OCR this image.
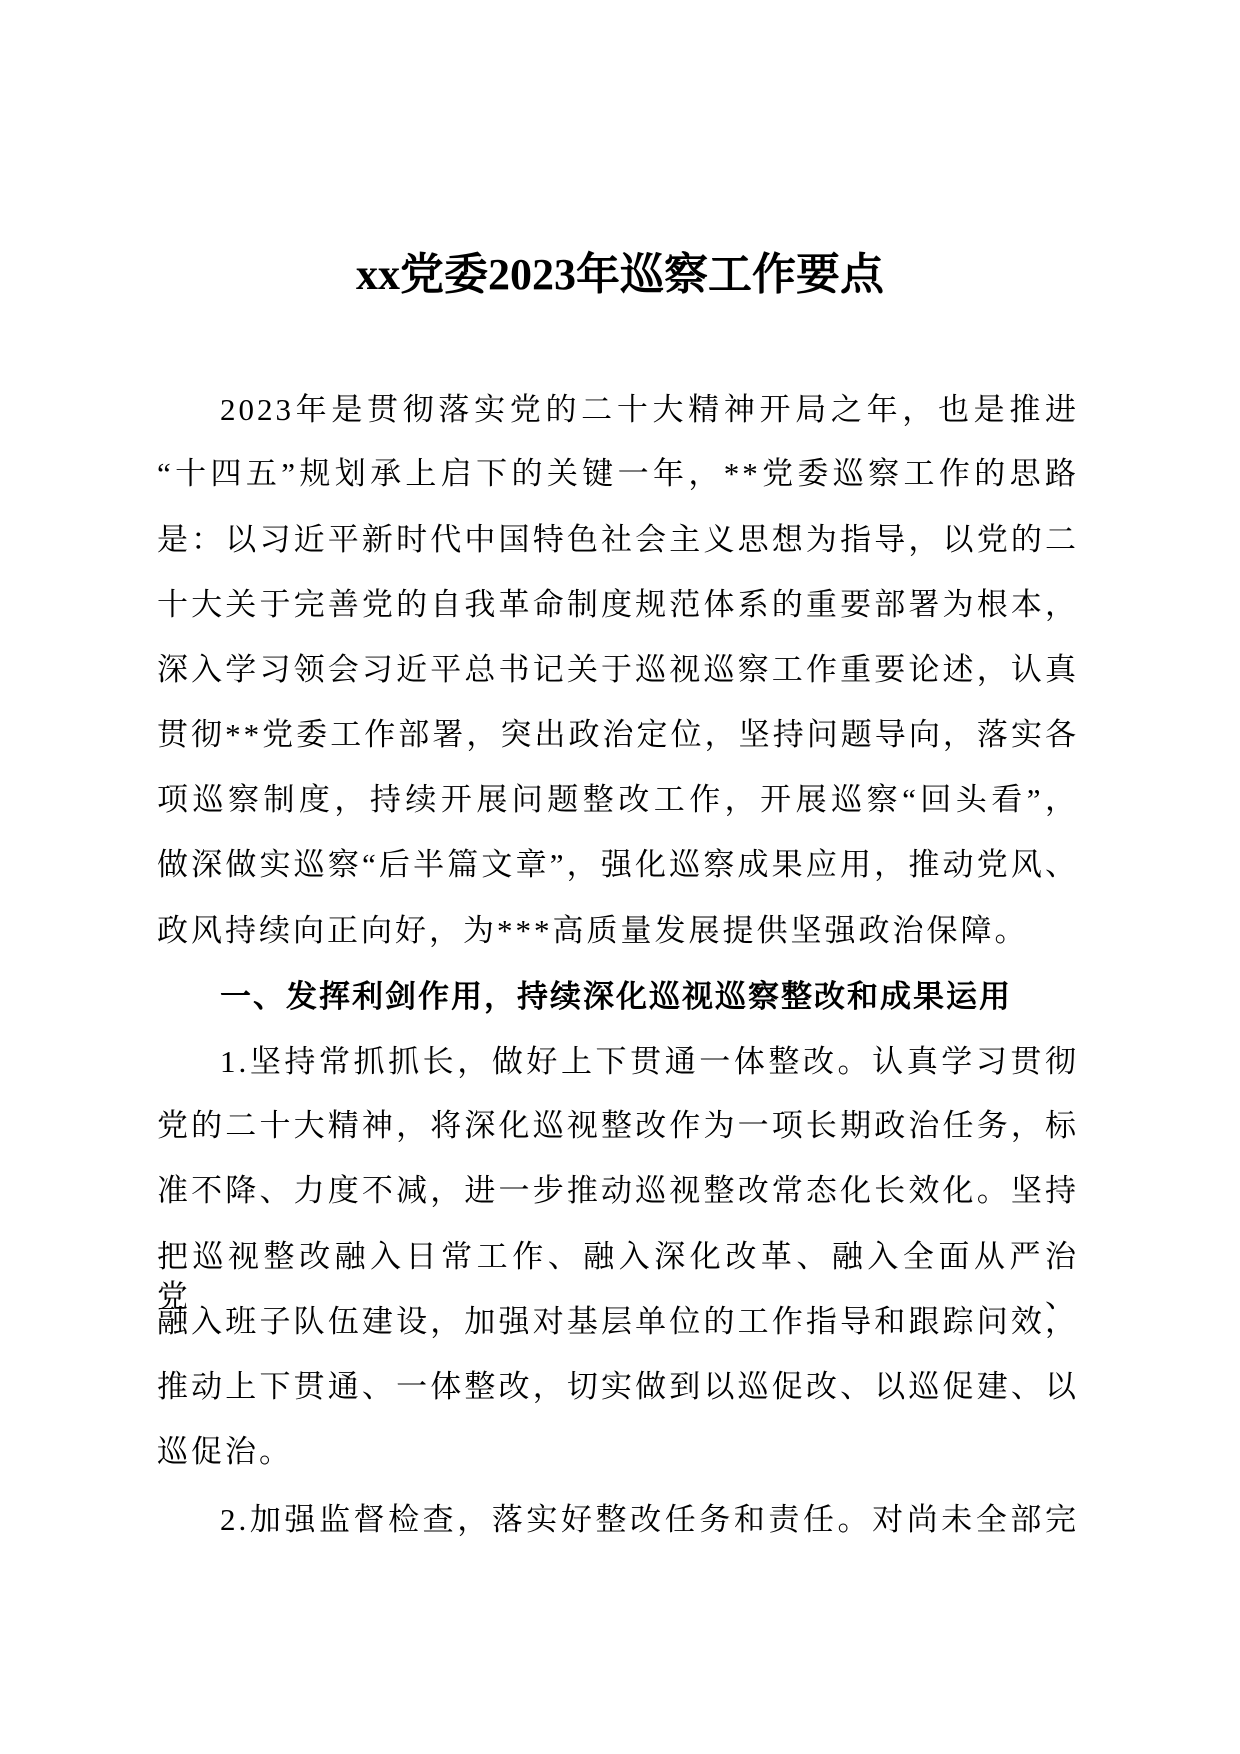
xx党委2023年巡察工作要点
2023年是贯彻落实党的二十大精神开局之年，也是推进
“十四五”规划承上启下的关键一年，**党委巡察工作的思路
是：以习近平新时代中国特色社会主义思想为指导，以党的二
十大关于完善党的自我革命制度规范体系的重要部署为根本，
深入学习领会习近平总书记关于巡视巡察工作重要论述，认真
贯彻**党委工作部署，突出政治定位，坚持问题导向，落实各
项巡察制度，持续开展问题整改工作，开展巡察“回头看”，
做深做实巡察“后半篇文章”，强化巡察成果应用，推动党风、
政风持续向正向好，为***高质量发展提供坚强政治保障。
一、发挥利剑作用，持续深化巡视巡察整改和成果运用
1.坚持常抓抓长，做好上下贯通一体整改。认真学习贯彻
党的二十大精神，将深化巡视整改作为一项长期政治任务，标
准不降、力度不减，进一步推动巡视整改常态化长效化。坚持
把巡视整改融入日常工作、融入深化改革、融入全面从严治党、
融入班子队伍建设，加强对基层单位的工作指导和跟踪问效，
推动上下贯通、一体整改，切实做到以巡促改、以巡促建、以
巡促治。
2.加强监督检查，落实好整改任务和责任。对尚未全部完
